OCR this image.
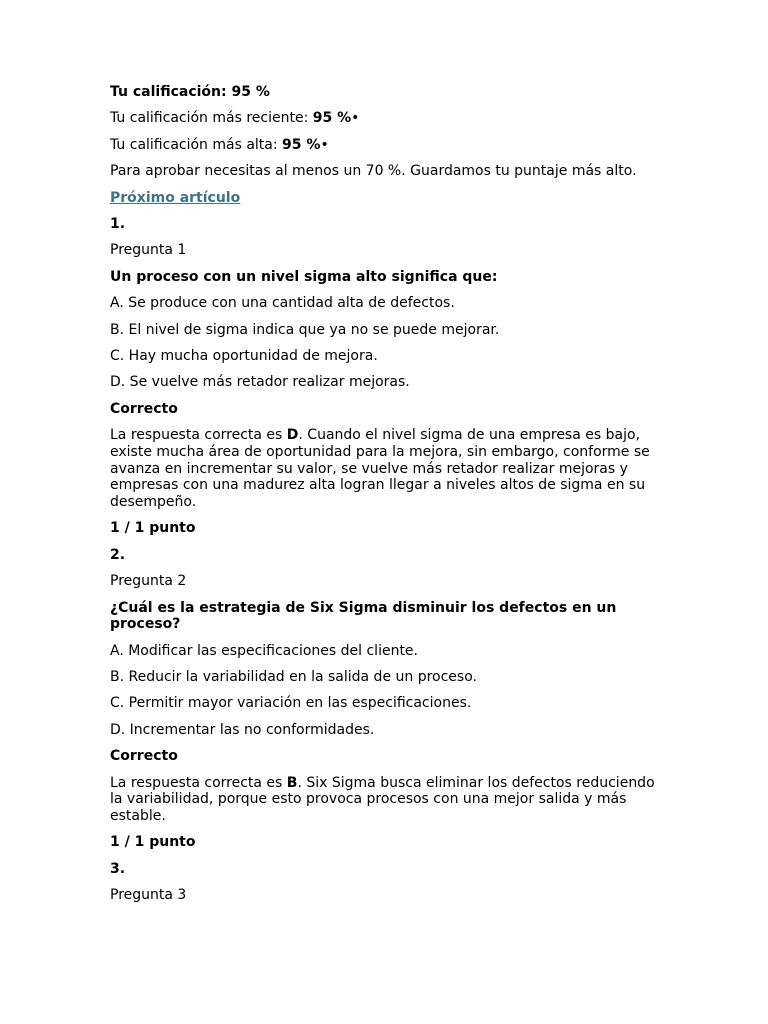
Tu calificación: 95 %
Tu calificación más reciente: 95 %•
Tu calificación más alta: 95 %•
Para aprobar necesitas al menos un 70 %. Guardamos tu puntaje más alto.
Próximo artículo
1.
Pregunta 1
Un proceso con un nivel sigma alto significa que:
A. Se produce con una cantidad alta de defectos.
B. El nivel de sigma indica que ya no se puede mejorar.
C. Hay mucha oportunidad de mejora.
D. Se vuelve más retador realizar mejoras.
Correcto
La respuesta correcta es D. Cuando el nivel sigma de una empresa es bajo, existe mucha área de oportunidad para la mejora, sin embargo, conforme se avanza en incrementar su valor, se vuelve más retador realizar mejoras y empresas con una madurez alta logran llegar a niveles altos de sigma en su desempeño.
1 / 1 punto
2.
Pregunta 2
¿Cuál es la estrategia de Six Sigma disminuir los defectos en un proceso?
A. Modificar las especificaciones del cliente.
B. Reducir la variabilidad en la salida de un proceso.
C. Permitir mayor variación en las especificaciones.
D. Incrementar las no conformidades.
Correcto
La respuesta correcta es B. Six Sigma busca eliminar los defectos reduciendo la variabilidad, porque esto provoca procesos con una mejor salida y más estable.
1 / 1 punto
3.
Pregunta 3
